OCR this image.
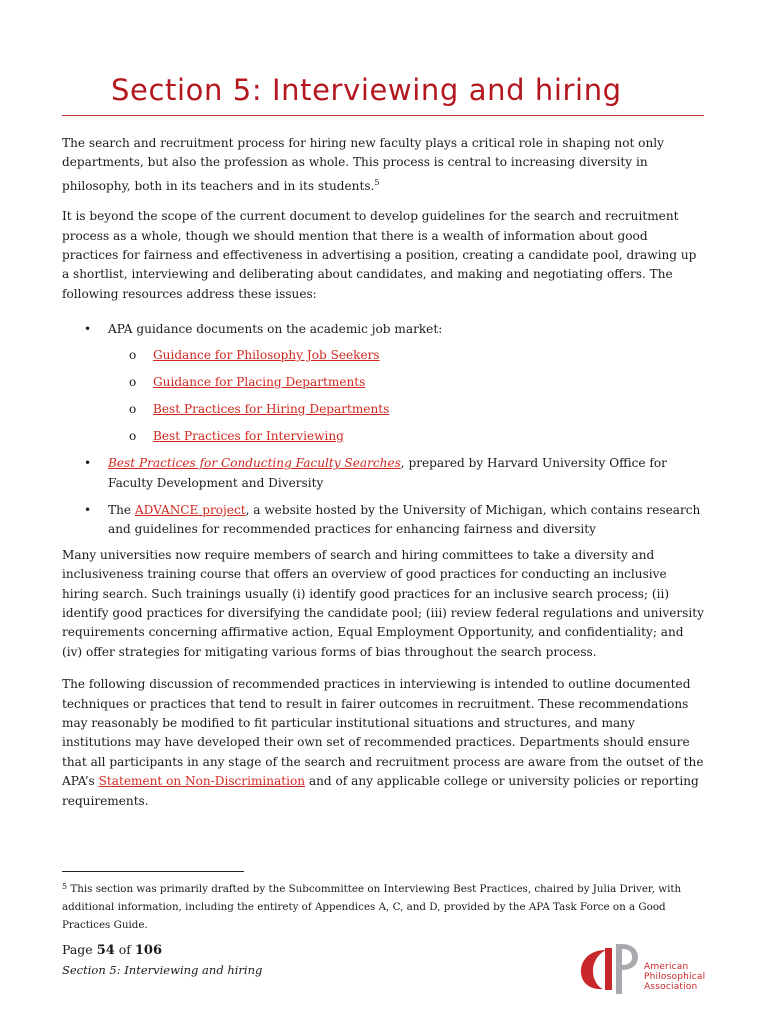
Section 5: Interviewing and hiring

The search and recruitment process for hiring new faculty plays a critical role in shaping not only departments, but also the profession as whole. This process is central to increasing diversity in philosophy, both in its teachers and in its students.$^5$

It is beyond the scope of the current document to develop guidelines for the search and recruitment process as a whole, though we should mention that there is a wealth of information about good practices for fairness and effectiveness in advertising a position, creating a candidate pool, drawing up a shortlist, interviewing and deliberating about candidates, and making and negotiating offers. The following resources address these issues:

• APA guidance documents on the academic job market:
o Guidance for Philosophy Job Seekers
o Guidance for Placing Departments
o Best Practices for Hiring Departments
o Best Practices for Interviewing
• Best Practices for Conducting Faculty Searches, prepared by Harvard University Office for Faculty Development and Diversity
• The ADVANCE project, a website hosted by the University of Michigan, which contains research and guidelines for recommended practices for enhancing fairness and diversity

Many universities now require members of search and hiring committees to take a diversity and inclusiveness training course that offers an overview of good practices for conducting an inclusive hiring search. Such trainings usually (i) identify good practices for an inclusive search process; (ii) identify good practices for diversifying the candidate pool; (iii) review federal regulations and university requirements concerning affirmative action, Equal Employment Opportunity, and confidentiality; and (iv) offer strategies for mitigating various forms of bias throughout the search process.

The following discussion of recommended practices in interviewing is intended to outline documented techniques or practices that tend to result in fairer outcomes in recruitment. These recommendations may reasonably be modified to fit particular institutional situations and structures, and many institutions may have developed their own set of recommended practices. Departments should ensure that all participants in any stage of the search and recruitment process are aware from the outset of the APA’s Statement on Non-Discrimination and of any applicable college or university policies or reporting requirements.

$^5$ This section was primarily drafted by the Subcommittee on Interviewing Best Practices, chaired by Julia Driver, with additional information, including the entirety of Appendices A, C, and D, provided by the APA Task Force on a Good Practices Guide.
Page 54 of 106
Section 5: Interviewing and hiring	American
Philosophical
Association
